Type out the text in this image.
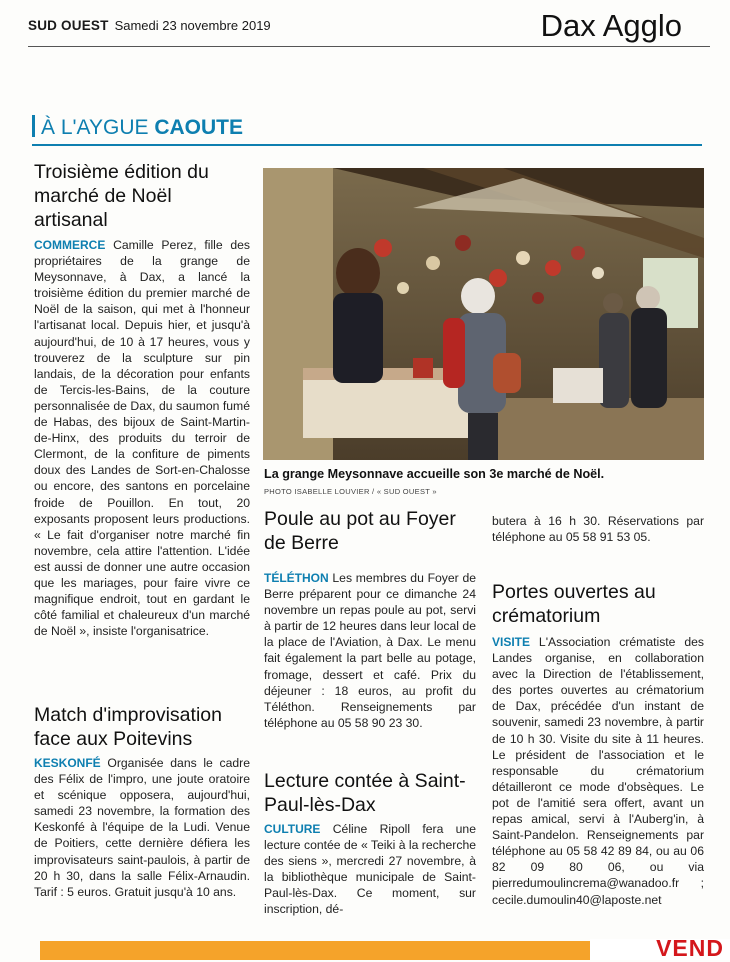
SUD OUEST Samedi 23 novembre 2019	Dax Agglo
À L'AYGUE CAOUTE
Troisième édition du marché de Noël artisanal
COMMERCE Camille Perez, fille des propriétaires de la grange de Meysonnave, à Dax, a lancé la troisième édition du premier marché de Noël de la saison, qui met à l'honneur l'artisanat local. Depuis hier, et jusqu'à aujourd'hui, de 10 à 17 heures, vous y trouverez de la sculpture sur pin landais, de la décoration pour enfants de Tercis-les-Bains, de la couture personnalisée de Dax, du saumon fumé de Habas, des bijoux de Saint-Martin-de-Hinx, des produits du terroir de Clermont, de la confiture de piments doux des Landes de Sort-en-Chalosse ou encore, des santons en porcelaine froide de Pouillon. En tout, 20 exposants proposent leurs productions. « Le fait d'organiser notre marché fin novembre, cela attire l'attention. L'idée est aussi de donner une autre occasion que les mariages, pour faire vivre ce magnifique endroit, tout en gardant le côté familial et chaleureux d'un marché de Noël », insiste l'organisatrice.
Match d'improvisation face aux Poitevins
KESKONFÉ Organisée dans le cadre des Félix de l'impro, une joute oratoire et scénique opposera, aujourd'hui, samedi 23 novembre, la formation des Keskonfé à l'équipe de la Ludi. Venue de Poitiers, cette dernière défiera les improvisateurs saint-paulois, à partir de 20 h 30, dans la salle Félix-Arnaudin. Tarif : 5 euros. Gratuit jusqu'à 10 ans.
La grange Meysonnave accueille son 3e marché de Noël.
PHOTO ISABELLE LOUVIER / « SUD OUEST »
Poule au pot au Foyer de Berre
TÉLÉTHON Les membres du Foyer de Berre préparent pour ce dimanche 24 novembre un repas poule au pot, servi à partir de 12 heures dans leur local de la place de l'Aviation, à Dax. Le menu fait également la part belle au potage, fromage, dessert et café. Prix du déjeuner : 18 euros, au profit du Téléthon. Renseignements par téléphone au 05 58 90 23 30.
Lecture contée à Saint-Paul-lès-Dax
CULTURE Céline Ripoll fera une lecture contée de « Teiki à la recherche des siens », mercredi 27 novembre, à la bibliothèque municipale de Saint-Paul-lès-Dax. Ce moment, sur inscription, dé-
butera à 16 h 30. Réservations par téléphone au 05 58 91 53 05.
Portes ouvertes au crématorium
VISITE L'Association crématiste des Landes organise, en collaboration avec la Direction de l'établissement, des portes ouvertes au crématorium de Dax, précédée d'un instant de souvenir, samedi 23 novembre, à partir de 10 h 30. Visite du site à 11 heures. Le président de l'association et le responsable du crématorium détailleront ce mode d'obsèques. Le pot de l'amitié sera offert, avant un repas amical, servi à l'Auberg'in, à Saint-Pandelon. Renseignements par téléphone au 05 58 42 89 84, ou au 06 82 09 80 06, ou via pierredumoulincrema@wanadoo.fr ; cecile.dumoulin40@laposte.net
VEND
